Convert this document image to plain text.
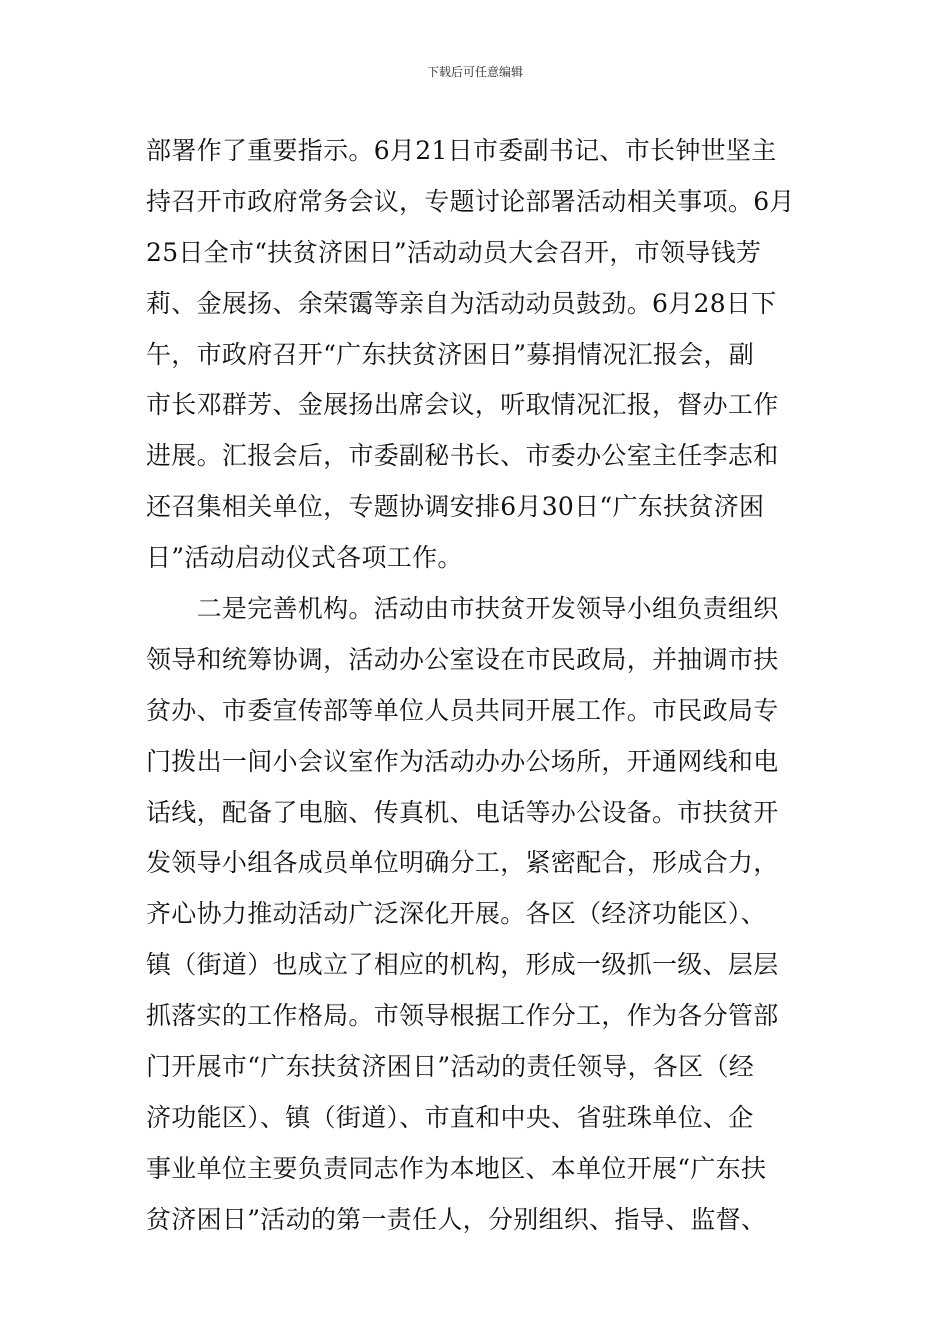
下载后可任意编辑
部署作了重要指示。6月21日市委副书记、市长钟世坚主
持召开市政府常务会议，专题讨论部署活动相关事项。6月
25日全市“扶贫济困日”活动动员大会召开，市领导钱芳
莉、金展扬、余荣霭等亲自为活动动员鼓劲。6月28日下
午，市政府召开“广东扶贫济困日”募捐情况汇报会，副
市长邓群芳、金展扬出席会议，听取情况汇报，督办工作
进展。汇报会后，市委副秘书长、市委办公室主任李志和
还召集相关单位，专题协调安排6月30日“广东扶贫济困
日”活动启动仪式各项工作。
　　二是完善机构。活动由市扶贫开发领导小组负责组织
领导和统筹协调，活动办公室设在市民政局，并抽调市扶
贫办、市委宣传部等单位人员共同开展工作。市民政局专
门拨出一间小会议室作为活动办办公场所，开通网线和电
话线，配备了电脑、传真机、电话等办公设备。市扶贫开
发领导小组各成员单位明确分工，紧密配合，形成合力，
齐心协力推动活动广泛深化开展。各区（经济功能区）、
镇（街道）也成立了相应的机构，形成一级抓一级、层层
抓落实的工作格局。市领导根据工作分工，作为各分管部
门开展市“广东扶贫济困日”活动的责任领导，各区（经
济功能区）、镇（街道）、市直和中央、省驻珠单位、企
事业单位主要负责同志作为本地区、本单位开展“广东扶
贫济困日”活动的第一责任人，分别组织、指导、监督、
